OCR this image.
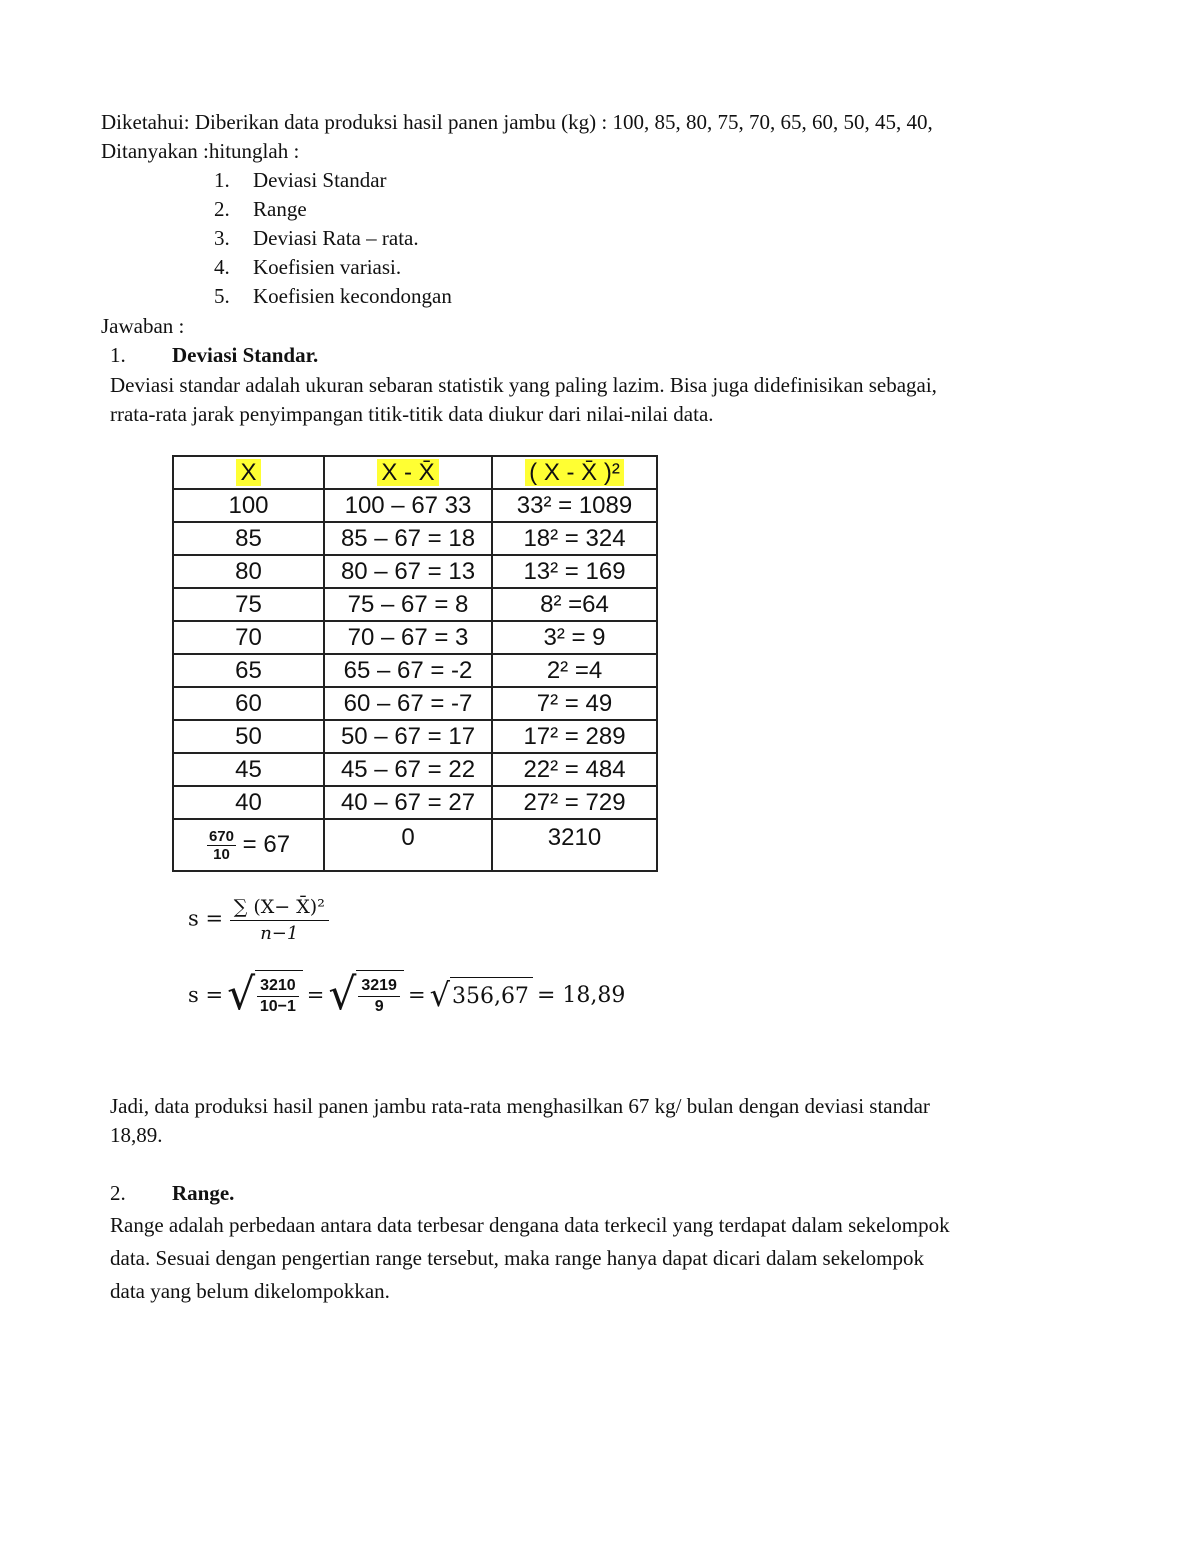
Diketahui: Diberikan data produksi hasil panen jambu (kg) : 100, 85, 80, 75, 70, 65, 60, 50, 45, 40,
Ditanyakan :hitunglah :
1. Deviasi Standar
2. Range
3. Deviasi Rata – rata.
4. Koefisien variasi.
5. Koefisien kecondongan
Jawaban :
1. Deviasi Standar.
Deviasi standar adalah ukuran sebaran statistik yang paling lazim. Bisa juga didefinisikan sebagai,
rrata-rata jarak penyimpangan titik-titik data diukur dari nilai-nilai data.
X	X - X̄	( X - X̄ )²
100	100 – 67 33	33² = 1089
85	85 – 67 = 18	18² = 324
80	80 – 67 = 13	13² = 169
75	75 – 67 = 8	8² =64
70	70 – 67 = 3	3² = 9
65	65 – 67 = -2	2² =4
60	60 – 67 = -7	7² = 49
50	50 – 67 = 17	17² = 289
45	45 – 67 = 22	22² = 484
40	40 – 67 = 27	27² = 729

$\frac{670}{10} = 67$	0	3210
$s = \frac{\text{∑ (X− X̄)²}}{n-1}$
s = √ 3210
10−1 = √ 3219
9 = √ 356,67 = 18,89
Jadi, data produksi hasil panen jambu rata-rata menghasilkan 67 kg/ bulan dengan deviasi standar
18,89.
2. Range.
Range adalah perbedaan antara data terbesar dengana data terkecil yang terdapat dalam sekelompok
data. Sesuai dengan pengertian range tersebut, maka range hanya dapat dicari dalam sekelompok
data yang belum dikelompokkan.
